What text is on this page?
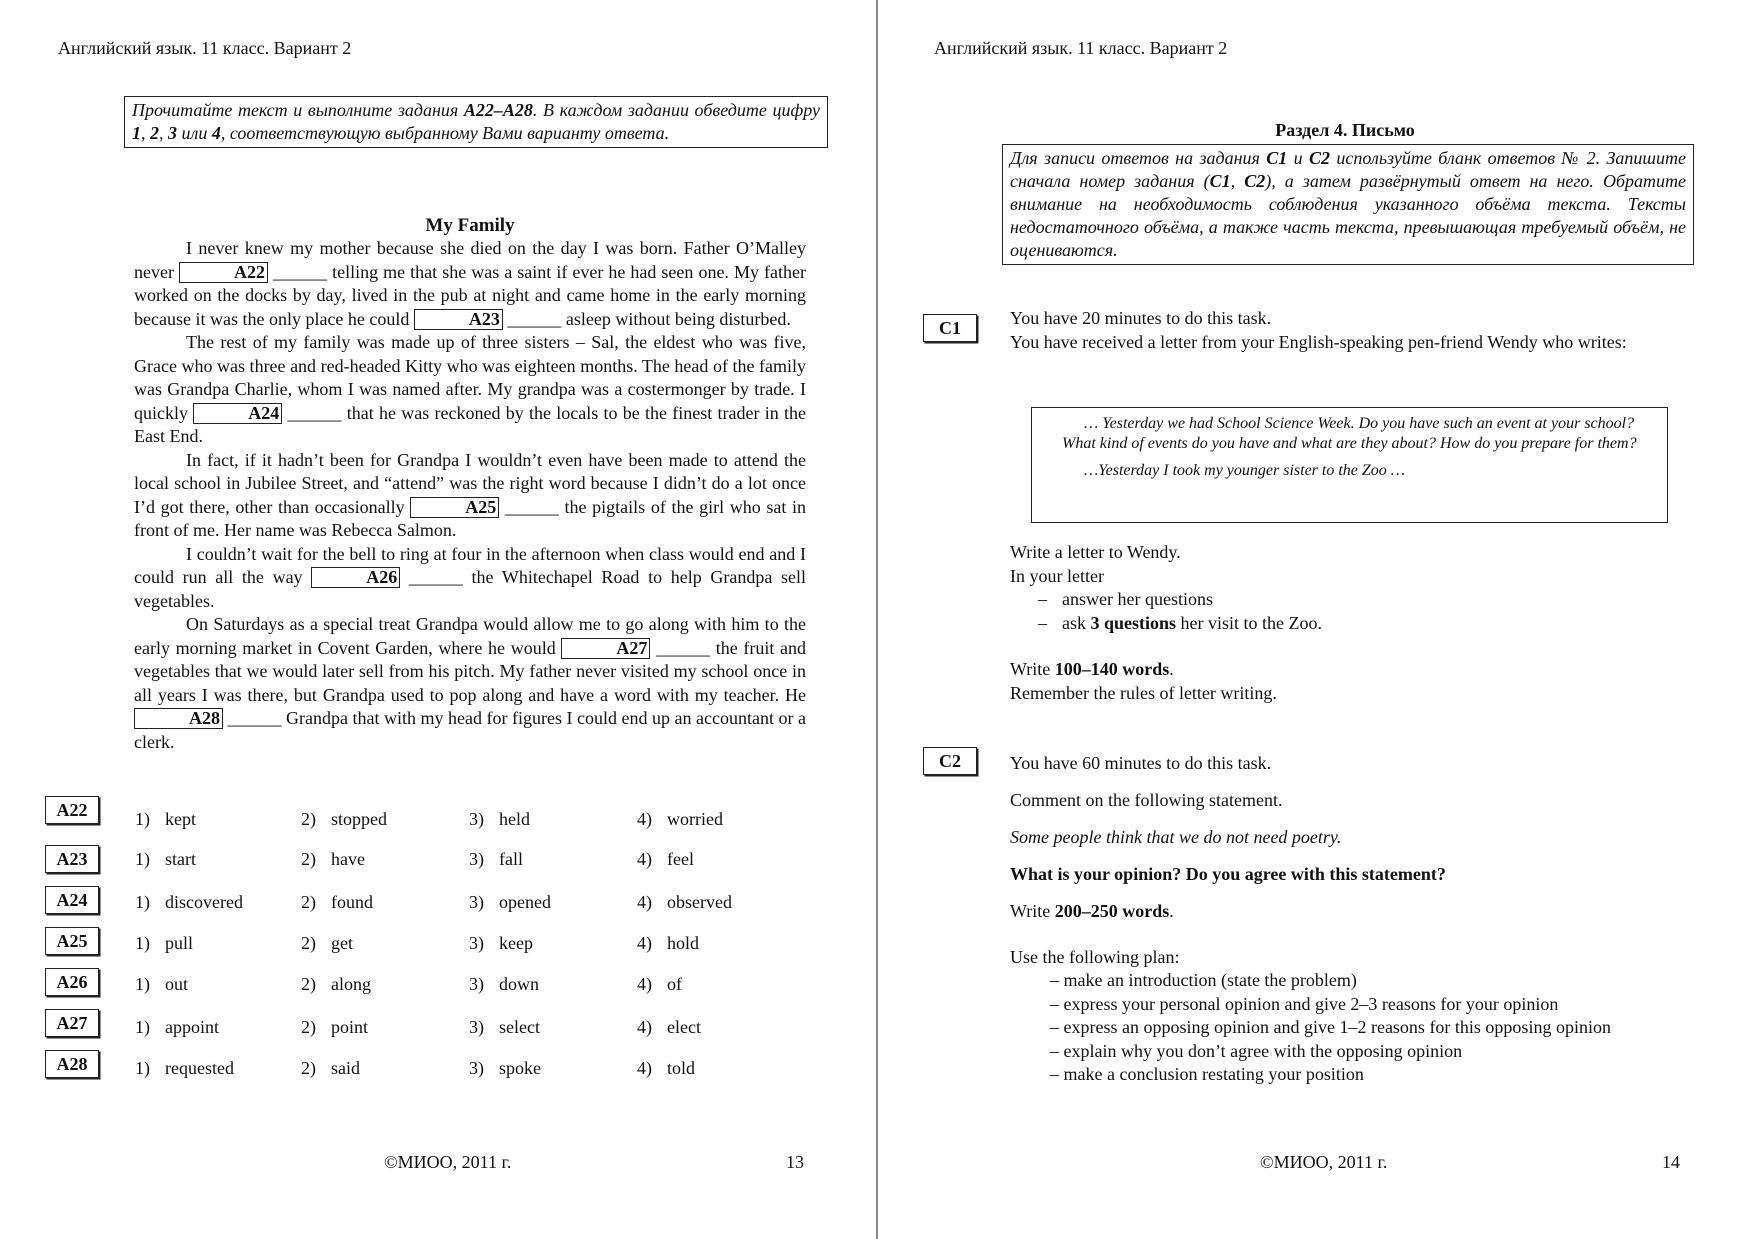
Английский язык. 11 класс. Вариант 2
Прочитайте текст и выполните задания A22–A28. В каждом задании обведите цифру 1, 2, 3 или 4, соответствующую выбранному Вами варианту ответа.
My Family
I never knew my mother because she died on the day I was born. Father O’Malley never	A22 ______ telling me that she was a saint if ever he had seen one. My father worked on the docks by day, lived in the pub at night and came home in the early morning because it was the only place he could	A23 ______ asleep without being disturbed.
The rest of my family was made up of three sisters – Sal, the eldest who was five, Grace who was three and red-headed Kitty who was eighteen months. The head of the family was Grandpa Charlie, whom I was named after. My grandpa was a costermonger by trade. I quickly	A24 ______ that he was reckoned by the locals to be the finest trader in the East End.
In fact, if it hadn’t been for Grandpa I wouldn’t even have been made to attend the local school in Jubilee Street, and “attend” was the right word because I didn’t do a lot once I’d got there, other than occasionally	A25 ______ the pigtails of the girl who sat in front of me. Her name was Rebecca Salmon.
I couldn’t wait for the bell to ring at four in the afternoon when class would end and I could run all the way	A26 ______ the Whitechapel Road to help Grandpa sell vegetables.
On Saturdays as a special treat Grandpa would allow me to go along with him to the early morning market in Covent Garden, where he would	A27 ______ the fruit and vegetables that we would later sell from his pitch. My father never visited my school once in all years I was there, but Grandpa used to pop along and have a word with my teacher. He A28 ______ Grandpa that with my head for figures I could end up an accountant or a clerk.
A22	1) kept	2) stopped	3) held	4) worried
A23	1) start	2) have	3) fall	4) feel
A24	1) discovered	2) found	3) opened	4) observed
A25	1) pull	2) get	3) keep	4) hold
A26	1) out	2) along	3) down	4) of
A27	1) appoint	2) point	3) select	4) elect
A28	1) requested	2) said	3) spoke	4) told
©МИОО, 2011 г.	13
Английский язык. 11 класс. Вариант 2
Раздел 4. Письмо
Для записи ответов на задания C1 и C2 используйте бланк ответов № 2. Запишите сначала номер задания (C1, C2), а затем развёрнутый ответ на него. Обратите внимание на необходимость соблюдения указанного объёма текста. Тексты недостаточного объёма, а также часть текста, превышающая требуемый объём, не оцениваются.
C1	You have 20 minutes to do this task.
You have received a letter from your English-speaking pen-friend Wendy who writes:
… Yesterday we had School Science Week. Do you have such an event at your school? What kind of events do you have and what are they about? How do you prepare for them?
…Yesterday I took my younger sister to the Zoo …
Write a letter to Wendy.
In your letter
– answer her questions
– ask 3 questions her visit to the Zoo.
Write 100–140 words.
Remember the rules of letter writing.
C2	You have 60 minutes to do this task.
Comment on the following statement.
Some people think that we do not need poetry.
What is your opinion? Do you agree with this statement?
Write 200–250 words.
Use the following plan:
– make an introduction (state the problem)
– express your personal opinion and give 2–3 reasons for your opinion
– express an opposing opinion and give 1–2 reasons for this opposing opinion
– explain why you don’t agree with the opposing opinion
– make a conclusion restating your position
©МИОО, 2011 г.	14
